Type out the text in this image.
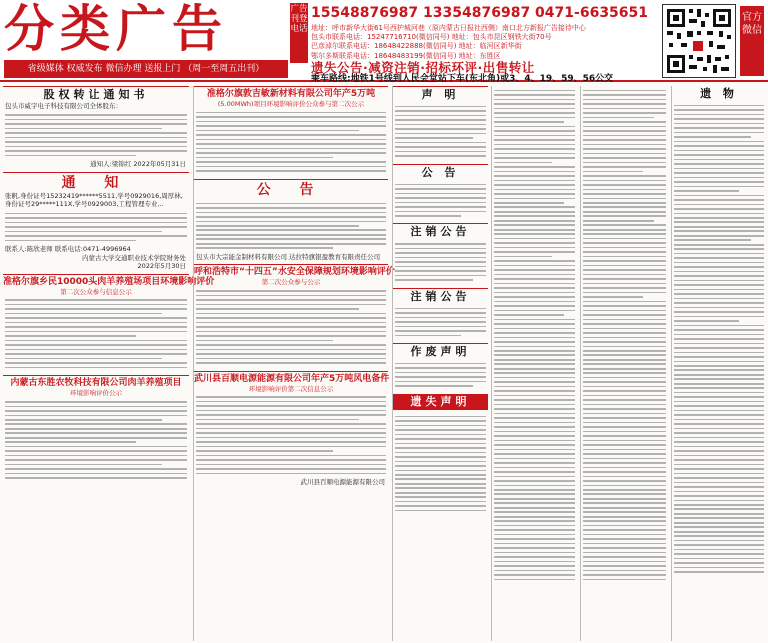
分类广告
省级媒体 权威发布 微信办理 送报上门 （周一至周五出刊）
广告刊登电话
15548876987 13354876987 0471-6635651
地址：呼市新华大街61号西护城河巷（原内蒙古日报社西侧）南口北方新报广告接待中心
包头市联系电话：15247716710(微信同号) 地址：包头市昆区钢铁大街70号
巴彦淖尔联系电话：18648422888(微信同号) 地址：临河区新华街
鄂尔多斯联系电话：18648483199(微信同号) 地址：东胜区
遗失公告·减资注销·招标环评·出售转让
乘车路线:地铁1号线到人民会堂站下车(东北角)或3、4、19、59、56公交
官方微信
股权转让通知书
包头市威宇电子科技有限公司全体股东：
通知人:梁锦红 2022年05月31日
通 知
张帆,身份证号15232419******5511,学号0929016,周厚林,身份证号29*****111X,学号0929003,工程管理专业...
联系人:陈欣老师 联系电话:0471-4996964
内蒙古大学交通职业技术学院财务处
2022年5月30日
准格尔旗乡民10000头肉羊养殖场项目环境影响评价
第二次公众参与信息公示
内蒙古东胜农牧科技有限公司肉羊养殖项目
环境影响评价公示
准格尔旗敦吉敏新材料有限公司年产5万吨
(5.00MWh)项目环境影响评价公众参与第二次公示
公 告
包头市大宗能金制材料有限公司 达拉特旗银盈教育有限责任公司
呼和浩特市“十四五”水安全保障规划环境影响评价
第二次公众参与公示
武川县百顺电源能源有限公司年产5万吨风电备件
环境影响评价第二次信息公示
武川县百顺电源能源有限公司
声 明
公 告
注销公告
注销公告
作废声明
遗失声明
遗 物
